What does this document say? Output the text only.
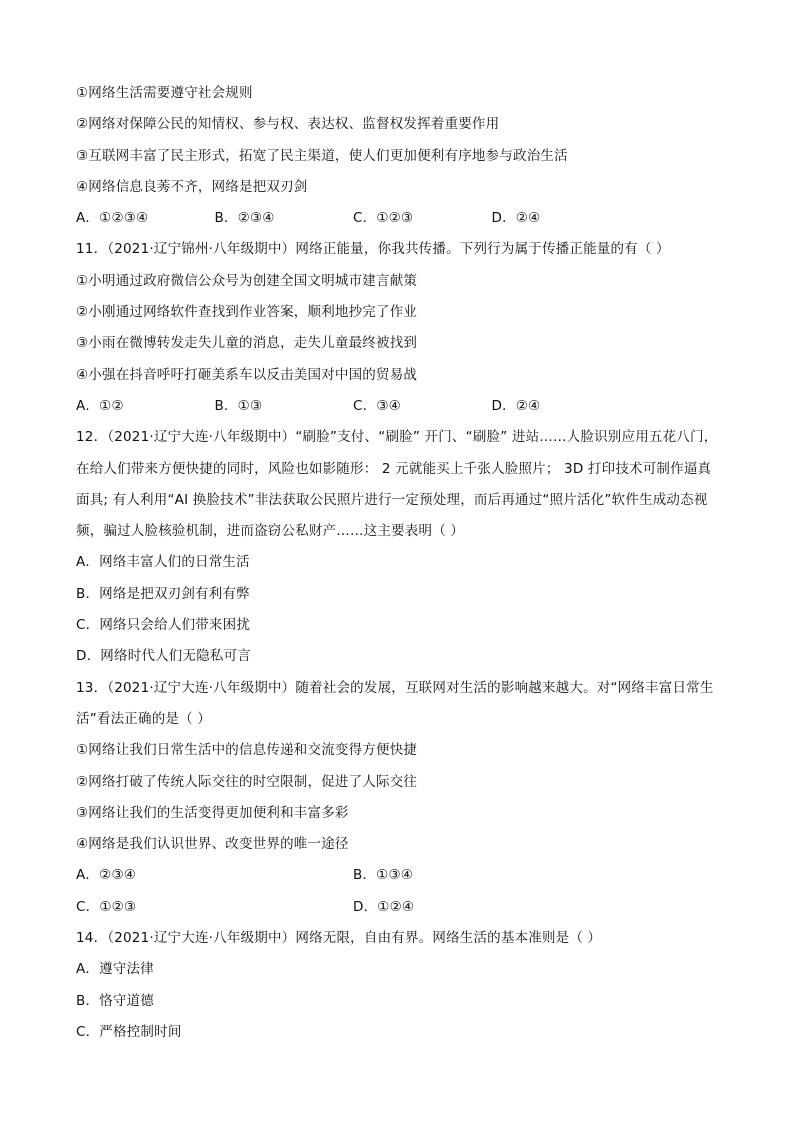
①网络生活需要遵守社会规则
②网络对保障公民的知情权、参与权、表达权、监督权发挥着重要作用
③互联网丰富了民主形式，拓宽了民主渠道，使人们更加便利有序地参与政治生活
④网络信息良莠不齐，网络是把双刃剑
A．①②③④	B．②③④	C．①②③	D．②④
11．（2021·辽宁锦州·八年级期中）网络正能量，你我共传播。下列行为属于传播正能量的有（ ）
①小明通过政府微信公众号为创建全国文明城市建言献策
②小刚通过网络软件查找到作业答案，顺利地抄完了作业
③小雨在微博转发走失儿童的消息，走失儿童最终被找到
④小强在抖音呼吁打砸美系车以反击美国对中国的贸易战
A．①②	B．①③	C．③④	D．②④
12．（2021·辽宁大连·八年级期中）“刷脸”支付、“刷脸” 开门、“刷脸” 进站……人脸识别应用五花八门，
在给人们带来方便快捷的同时，风险也如影随形： 2 元就能买上千张人脸照片； 3D 打印技术可制作逼真
面具; 有人利用“AI 换脸技术”非法获取公民照片进行一定预处理，而后再通过“照片活化”软件生成动态视
频，骗过人脸核验机制，进而盗窃公私财产……这主要表明（ ）
A．网络丰富人们的日常生活
B．网络是把双刃剑有利有弊
C．网络只会给人们带来困扰
D．网络时代人们无隐私可言
13．（2021·辽宁大连·八年级期中）随着社会的发展，互联网对生活的影响越来越大。对“网络丰富日常生
活”看法正确的是（ ）
①网络让我们日常生活中的信息传递和交流变得方便快捷
②网络打破了传统人际交往的时空限制，促进了人际交往
③网络让我们的生活变得更加便利和丰富多彩
④网络是我们认识世界、改变世界的唯一途径
A．②③④	B．①③④
C．①②③	D．①②④
14．（2021·辽宁大连·八年级期中）网络无限，自由有界。网络生活的基本准则是（ ）
A．遵守法律
B．恪守道德
C．严格控制时间
